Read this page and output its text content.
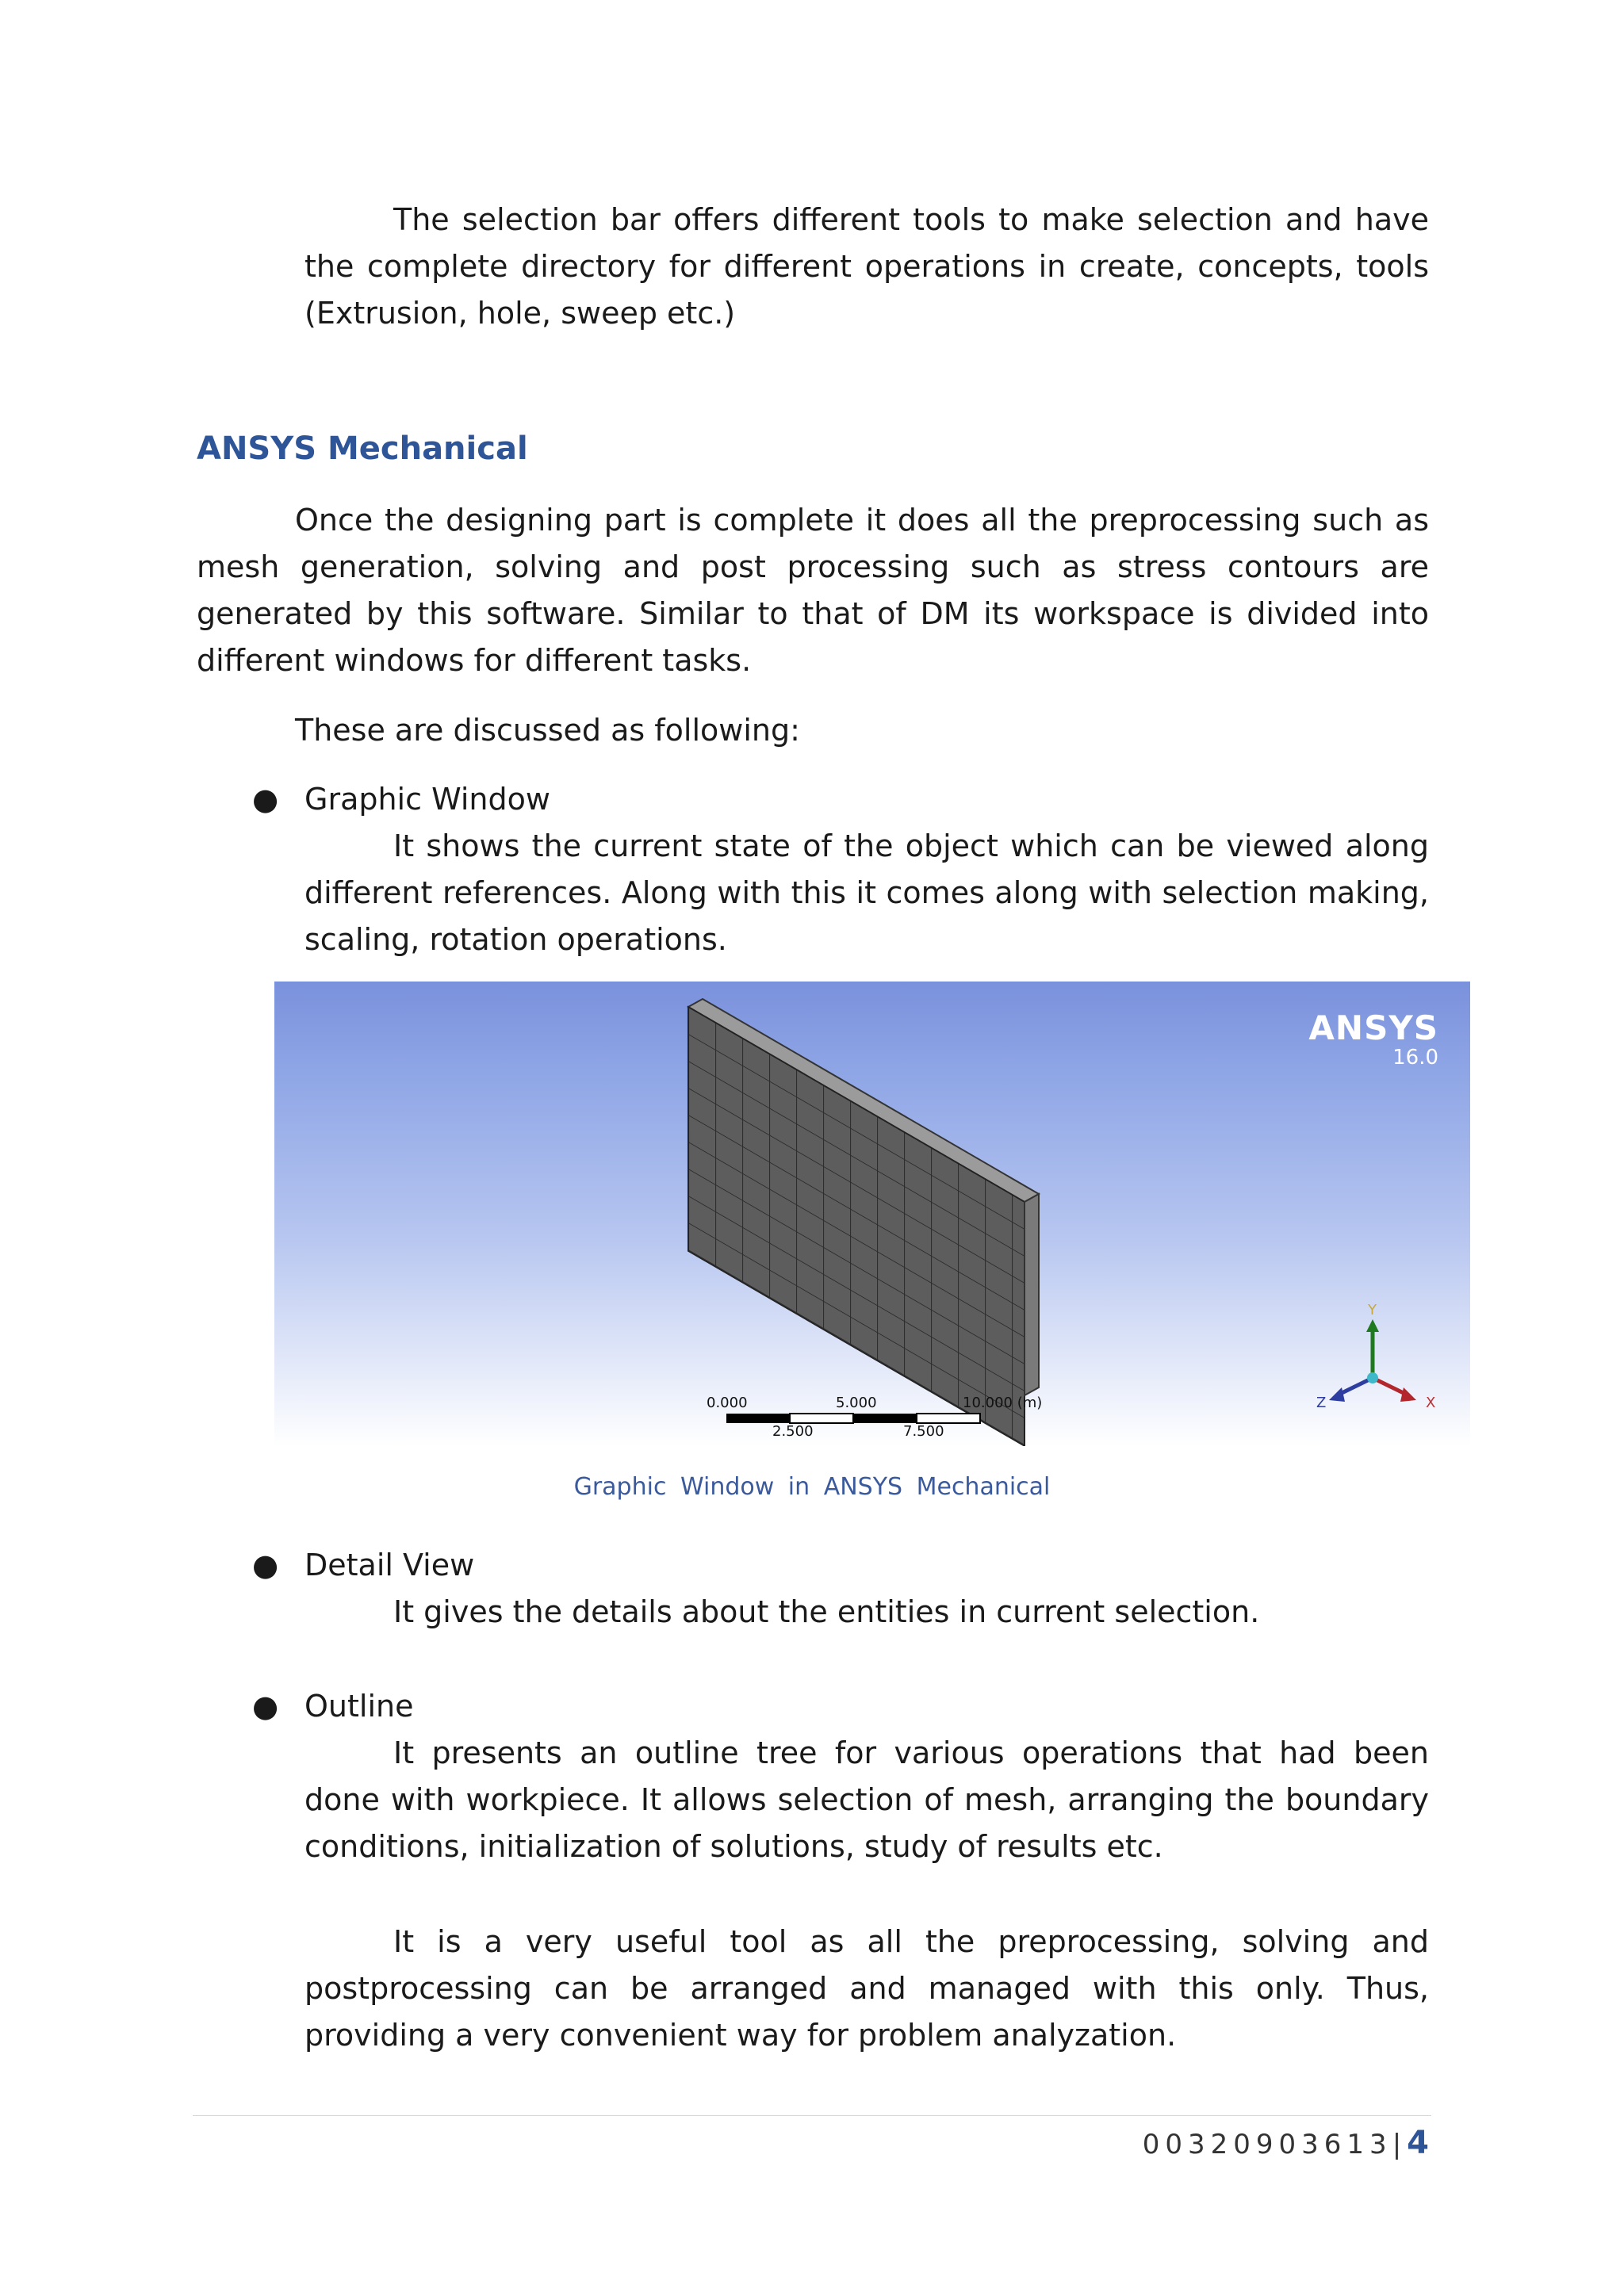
The selection bar offers different tools to make selection and have the complete directory for different operations in create, concepts, tools (Extrusion, hole, sweep etc.)

ANSYS Mechanical

Once the designing part is complete it does all the preprocessing such as mesh generation, solving and post processing such as stress contours are generated by this software. Similar to that of DM its workspace is divided into different windows for different tasks.

These are discussed as following:

● Graphic Window

It shows the current state of the object which can be viewed along different references. Along with this it comes along with selection making, scaling, rotation operations.

0.000	5.000	10.000 (m)
2.500	7.500
Y
X
Z
ANSYS
16.0
Graphic Window in ANSYS Mechanical
● Detail View

It gives the details about the entities in current selection.

● Outline

It presents an outline tree for various operations that had been done with workpiece. It allows selection of mesh, arranging the boundary conditions, initialization of solutions, study of results etc.

It is a very useful tool as all the preprocessing, solving and postprocessing can be arranged and managed with this only. Thus, providing a very convenient way for problem analyzation.

00320903613|4
